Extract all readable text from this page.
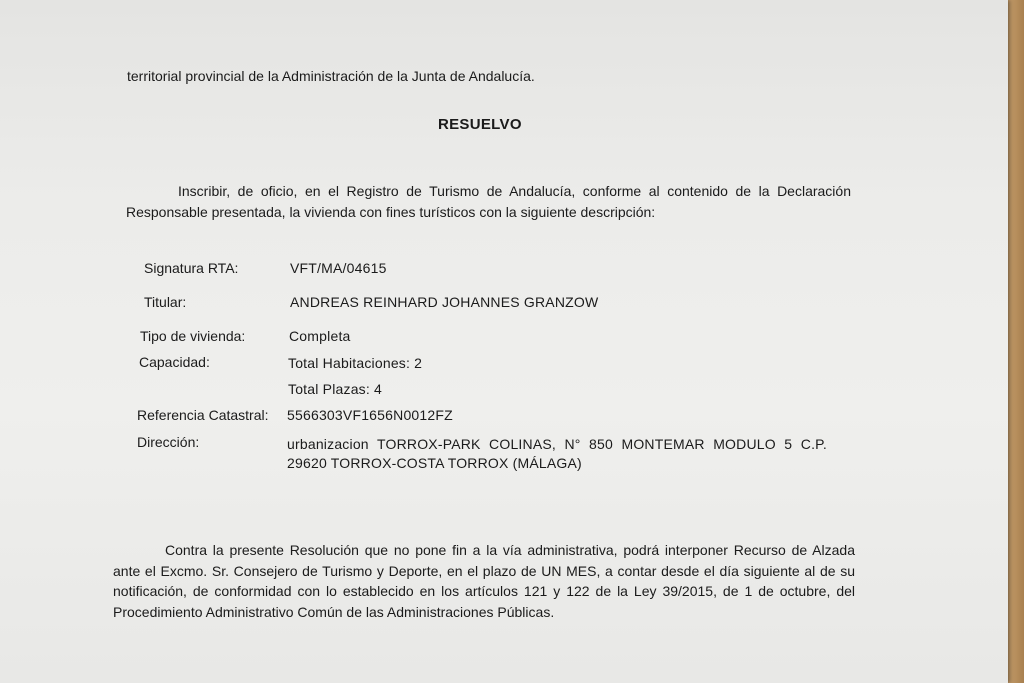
territorial provincial de la Administración de la Junta de Andalucía.
RESUELVO
Inscribir, de oficio, en el Registro de Turismo de Andalucía, conforme al contenido de la Declaración Responsable presentada, la vivienda con fines turísticos con la siguiente descripción:
Signatura RTA:	VFT/MA/04615
Titular:	ANDREAS REINHARD JOHANNES GRANZOW
Tipo de vivienda:	Completa
Capacidad:	Total Habitaciones: 2
Total Plazas: 4
Referencia Catastral: 5566303VF1656N0012FZ
Dirección:	urbanizacion TORROX-PARK COLINAS, N° 850 MONTEMAR MODULO 5 C.P. 29620 TORROX-COSTA TORROX (MÁLAGA)
Contra la presente Resolución que no pone fin a la vía administrativa, podrá interponer Recurso de Alzada ante el Excmo. Sr. Consejero de Turismo y Deporte, en el plazo de UN MES, a contar desde el día siguiente al de su notificación, de conformidad con lo establecido en los artículos 121 y 122 de la Ley 39/2015, de 1 de octubre, del Procedimiento Administrativo Común de las Administraciones Públicas.
